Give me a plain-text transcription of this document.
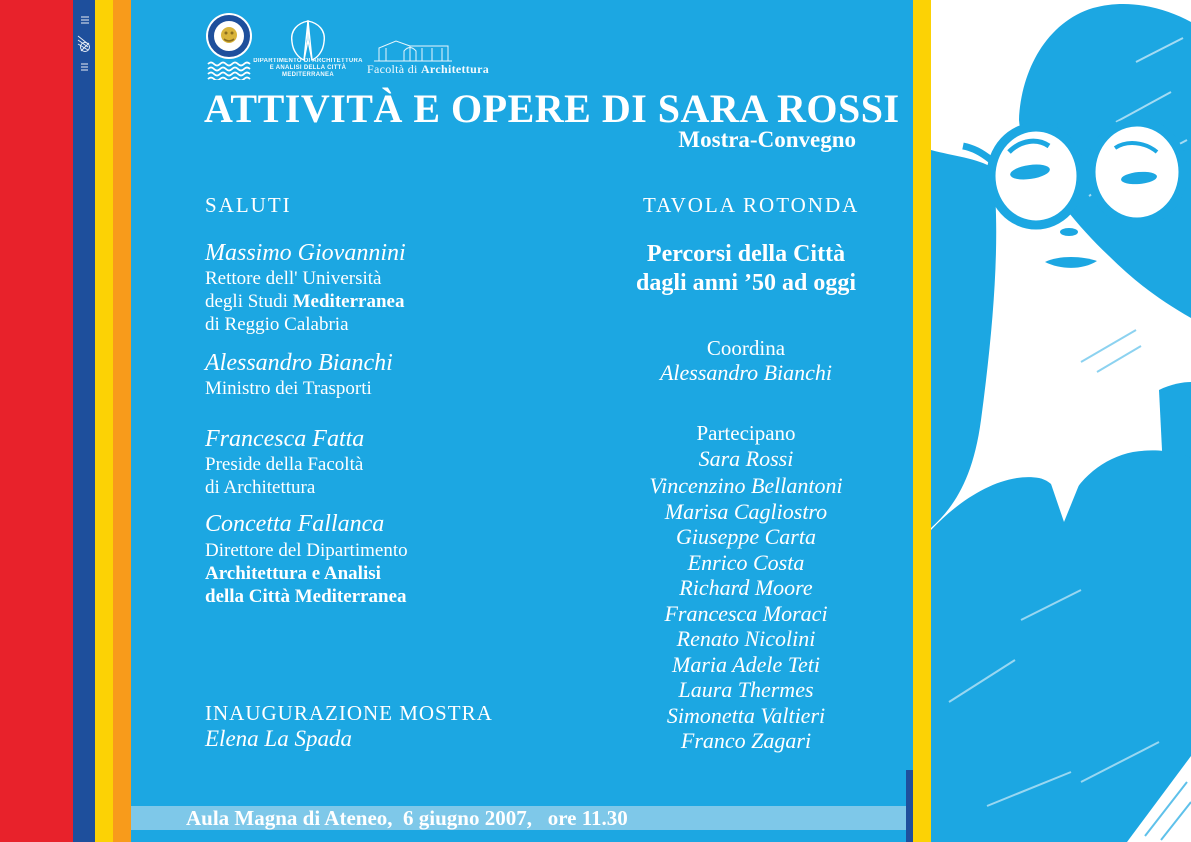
DIPARTIMENTO DI ARCHITETTURA
E ANALISI DELLA CITTÀ MEDITERRANEA	Facoltà di Architettura
ATTIVITÀ E OPERE DI SARA ROSSI
Mostra-Convegno
SALUTI
Massimo Giovannini
Rettore dell' Università
degli Studi Mediterranea
di Reggio Calabria
Alessandro Bianchi
Ministro dei Trasporti
Francesca Fatta
Preside della Facoltà
di Architettura
Concetta Fallanca
Direttore del Dipartimento
Architettura e Analisi
della Città Mediterranea
INAUGURAZIONE MOSTRA
Elena La Spada
TAVOLA ROTONDA
Percorsi della Città
dagli anni ’50 ad oggi
Coordina
Alessandro Bianchi
Partecipano
Sara Rossi
Vincenzino Bellantoni
Marisa Cagliostro
Giuseppe Carta
Enrico Costa
Richard Moore
Francesca Moraci
Renato Nicolini
Maria Adele Teti
Laura Thermes
Simonetta Valtieri
Franco Zagari
Aula Magna di Ateneo,  6 giugno 2007,   ore 11.30
